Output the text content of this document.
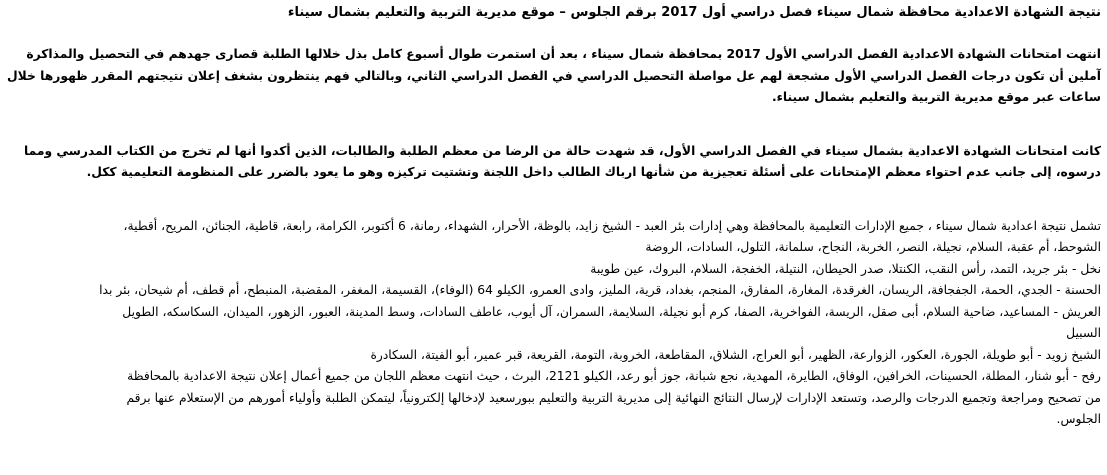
نتيجة الشهادة الاعدادية محافظة شمال سيناء فصل دراسي أول 2017 برقم الجلوس – موقع مديرية التربية والتعليم بشمال سيناء

انتهت امتحانات الشهادة الاعدادية الفصل الدراسي الأول 2017 بمحافظة شمال سيناء ، بعد أن استمرت طوال أسبوع كامل بذل خلالها الطلبة قصارى جهدهم في التحصيل والمذاكرة آملين أن تكون درجات الفصل الدراسي الأول مشجعة لهم عل مواصلة التحصيل الدراسي في الفصل الدراسي الثاني، وبالتالي فهم ينتظرون بشغف إعلان نتيجتهم المقرر ظهورها خلال ساعات عبر موقع مديرية التربية والتعليم بشمال سيناء.

كانت امتحانات الشهادة الاعدادية بشمال سيناء في الفصل الدراسي الأول، قد شهدت حالة من الرضا من معظم الطلبة والطالبات، الذين أكدوا أنها لم تخرج من الكتاب المدرسي ومما درسوه، إلى جانب عدم احتواء معظم الإمتحانات على أسئلة تعجيزية من شأنها ارباك الطالب داخل اللجنة وتشتيت تركيزه وهو ما يعود بالضرر على المنظومة التعليمية ككل.

تشمل نتيجة اعدادية شمال سيناء ، جميع الإدارات التعليمية بالمحافظة وهي إدارات بئر العبد - الشيخ زايد، بالوظة، الأحرار، الشهداء، رمانة، 6 أكتوبر، الكرامة، رابعة، قاطية، الجنائن، المريح، أقطية،

الشوحط، أم عقبة، السلام، نجيلة، النصر، الخربة، النجاح، سلمانة، التلول، السادات، الروضة

نخل - بئر جريد، التمد، رأس النقب، الكنتلا، صدر الحيطان، النتيلة، الخفجة، السلام، البروك، عين طويبة

الحسنة - الجدي، الحمة، الجفجافة، الريسان، الغرقدة، المغارة، المفارق، المنجم، بغداد، قرية، المليز، وادى العمرو، الكيلو 64 (الوفاء)، القسيمة، المغفر، المقضبة، المنبطح، أم قطف، أم شيحان، بئر بدا

العريش - المساعيد، ضاحية السلام، أبى صقل، الريسة، الفواخرية، الصفا، كرم أبو نجيلة، السلايمة، السمران، آل أيوب، عاطف السادات، وسط المدينة، العبور، الزهور، الميدان، السكاسكه، الطويل

السبيل

الشيخ زويد - أبو طويلة، الجورة، العكور، الزوارعة، الظهير، أبو العراج، الشلاق، المقاطعة، الخروبة، التومة، القريعة، قبر عمير، أبو الفيتة، السكادرة

رفح - أبو شنار، المطلة، الحسينات، الخرافين، الوفاق، الطايرة، المهدية، نجع شبانة، جوز أبو رعد، الكيلو 2121، البرث ، حيث انتهت معظم اللجان من جميع أعمال إعلان نتيجة الاعدادية بالمحافظة

من تصحيح ومراجعة وتجميع الدرجات والرصد، وتستعد الإدارات لإرسال النتائج النهائية إلى مديرية التربية والتعليم ببورسعيد لإدخالها إلكترونياً، ليتمكن الطلبة وأولياء أمورهم من الإستعلام عنها برقم

الجلوس.
